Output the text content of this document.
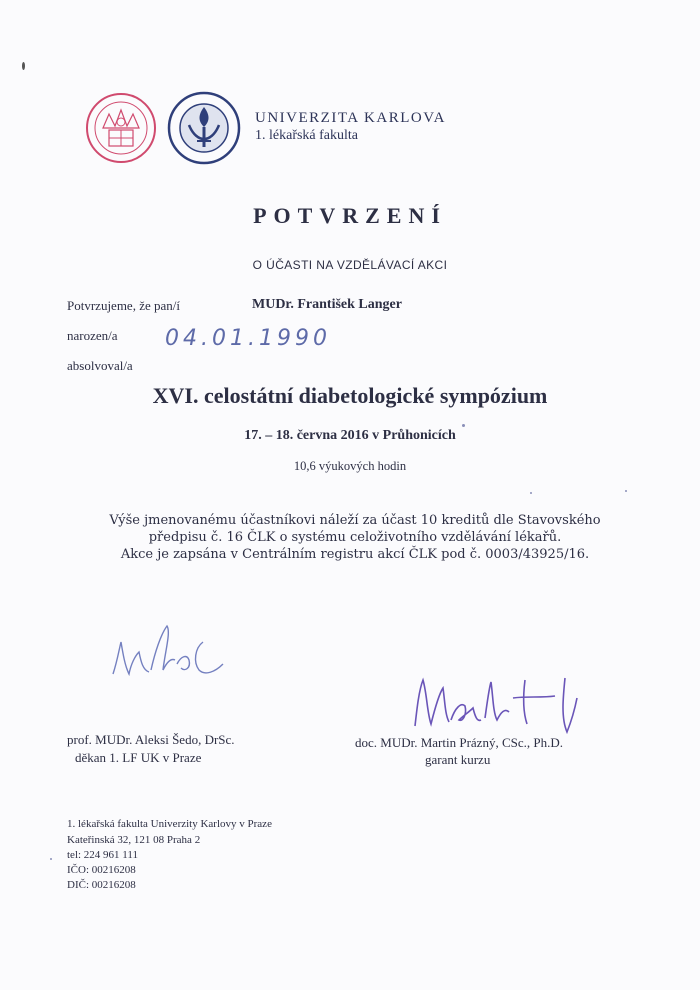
UNIVERZITA KARLOVA
1. lékařská fakulta
POTVRZENÍ
O ÚČASTI NA VZDĚLÁVACÍ AKCI
Potvrzujeme, že pan/í	MUDr. František Langer
narozen/a 04.01.1990
absolvoval/a
XVI. celostátní diabetologické sympózium
17. – 18. června 2016 v Průhonicích
10,6 výukových hodin
Výše jmenovanému účastníkovi náleží za účast 10 kreditů dle Stavovského
předpisu č. 16 ČLK o systému celoživotního vzdělávání lékařů.
Akce je zapsána v Centrálním registru akcí ČLK pod č. 0003/43925/16.
prof. MUDr. Aleksi Šedo, DrSc.
děkan 1. LF UK v Praze
doc. MUDr. Martin Prázný, CSc., Ph.D.
garant kurzu
1. lékařská fakulta Univerzity Karlovy v Praze
Kateřinská 32, 121 08 Praha 2
tel: 224 961 111
IČO: 00216208
DIČ: 00216208
